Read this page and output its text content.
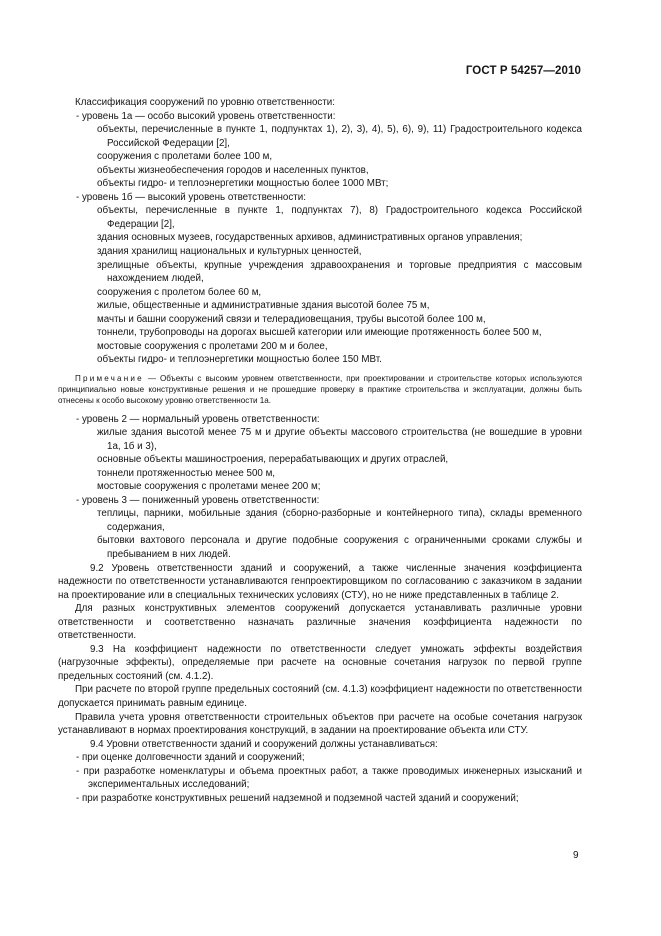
ГОСТ Р 54257—2010

Классификация сооружений по уровню ответственности:

- уровень 1а — особо высокий уровень ответственности:

объекты, перечисленные в пункте 1, подпунктах 1), 2), 3), 4), 5), 6), 9), 11) Градостроительного кодекса Российской Федерации [2],

сооружения с пролетами более 100 м,

объекты жизнеобеспечения городов и населенных пунктов,

объекты гидро- и теплоэнергетики мощностью более 1000 МВт;

- уровень 1б — высокий уровень ответственности:

объекты, перечисленные в пункте 1, подпунктах 7), 8) Градостроительного кодекса Российской Федерации [2],

здания основных музеев, государственных архивов, административных органов управления;

здания хранилищ национальных и культурных ценностей,

зрелищные объекты, крупные учреждения здравоохранения и торговые предприятия с массовым нахождением людей,

сооружения с пролетом более 60 м,

жилые, общественные и административные здания высотой более 75 м,

мачты и башни сооружений связи и телерадиовещания, трубы высотой более 100 м,

тоннели, трубопроводы на дорогах высшей категории или имеющие протяженность более 500 м,

мостовые сооружения с пролетами 200 м и более,

объекты гидро- и теплоэнергетики мощностью более 150 МВт.

Примечание — Объекты с высоким уровнем ответственности, при проектировании и строительстве которых используются принципиально новые конструктивные решения и не прошедшие проверку в практике строительства и эксплуатации, должны быть отнесены к особо высокому уровню ответственности 1а.

- уровень 2 — нормальный уровень ответственности:

жилые здания высотой менее 75 м и другие объекты массового строительства (не вошедшие в уровни 1а, 1б и 3),

основные объекты машиностроения, перерабатывающих и других отраслей,

тоннели протяженностью менее 500 м,

мостовые сооружения с пролетами менее 200 м;

- уровень 3 — пониженный уровень ответственности:

теплицы, парники, мобильные здания (сборно-разборные и контейнерного типа), склады временного содержания,

бытовки вахтового персонала и другие подобные сооружения с ограниченными сроками службы и пребыванием в них людей.

9.2 Уровень ответственности зданий и сооружений, а также численные значения коэффициента надежности по ответственности устанавливаются генпроектировщиком по согласованию с заказчиком в задании на проектирование или в специальных технических условиях (СТУ), но не ниже представленных в таблице 2.

Для разных конструктивных элементов сооружений допускается устанавливать различные уровни ответственности и соответственно назначать различные значения коэффициента надежности по ответственности.

9.3 На коэффициент надежности по ответственности следует умножать эффекты воздействия (нагрузочные эффекты), определяемые при расчете на основные сочетания нагрузок по первой группе предельных состояний (см. 4.1.2).

При расчете по второй группе предельных состояний (см. 4.1.3) коэффициент надежности по ответственности допускается принимать равным единице.

Правила учета уровня ответственности строительных объектов при расчете на особые сочетания нагрузок устанавливают в нормах проектирования конструкций, в задании на проектирование объекта или СТУ.

9.4 Уровни ответственности зданий и сооружений должны устанавливаться:

- при оценке долговечности зданий и сооружений;

- при разработке номенклатуры и объема проектных работ, а также проводимых инженерных изысканий и экспериментальных исследований;

- при разработке конструктивных решений надземной и подземной частей зданий и сооружений;

9
